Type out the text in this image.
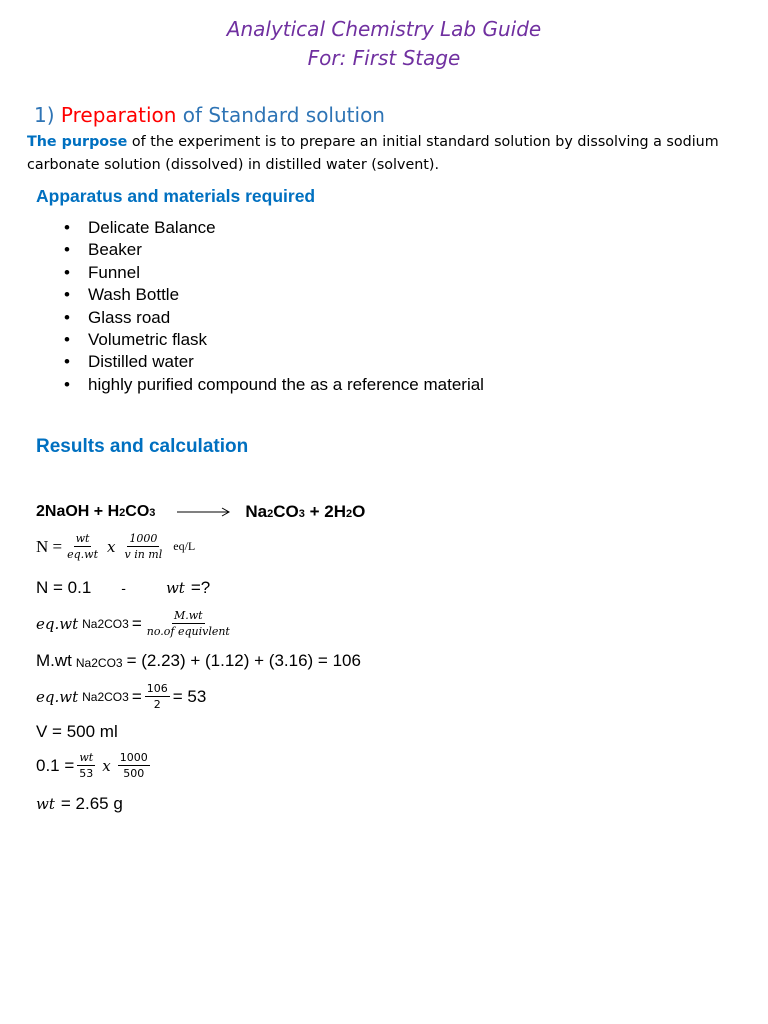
Analytical Chemistry Lab Guide
For: First Stage
1) Preparation of Standard solution
The purpose of the experiment is to prepare an initial standard solution by dissolving a sodium carbonate solution (dissolved) in distilled water (solvent).
Apparatus and materials required
• Delicate Balance
• Beaker
• Funnel
• Wash Bottle
• Glass road
• Volumetric flask
• Distilled water
• highly purified compound the as a reference material
Results and calculation
2NaOH + H2CO3 → Na2CO3 + 2H2O
$N = \frac{wt}{eq.wt}$ x $\frac{1000}{\text{v in ml}} eq/L$
N = 0.1 -	wt =?
eq.wt $Na2CO3 = \frac{M.wt}{\text{no.of equivlent}}$
M.wt Na2CO3 = (2.23) + (1.12) + (3.16) = 106
eq.wt $Na2CO3 = \frac{106}{2} = 53$
V = 500 ml
$0.1 = \frac{wt}{53}$ x $\frac{1000}{500}$
wt = 2.65 g
